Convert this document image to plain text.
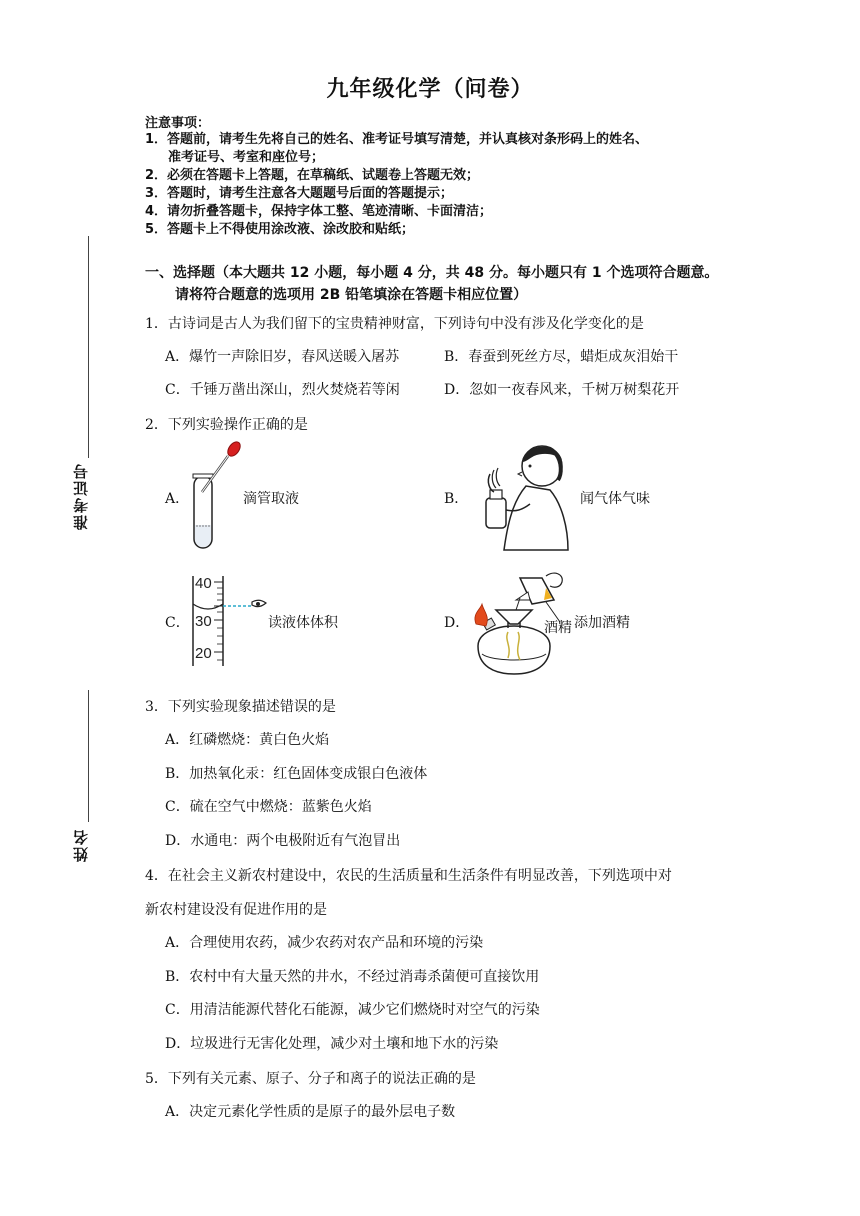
九年级化学（问卷）
注意事项：
1．答题前，请考生先将自己的姓名、准考证号填写清楚，并认真核对条形码上的姓名、
准考证号、考室和座位号；
2．必须在答题卡上答题，在草稿纸、试题卷上答题无效；
3．答题时，请考生注意各大题题号后面的答题提示；
4．请勿折叠答题卡，保持字体工整、笔迹清晰、卡面清洁；
5．答题卡上不得使用涂改液、涂改胶和贴纸；
准考证号
姓名
一、选择题（本大题共 12 小题，每小题 4 分，共 48 分。每小题只有 1 个选项符合题意。
请将符合题意的选项用 2B 铅笔填涂在答题卡相应位置）
1．古诗词是古人为我们留下的宝贵精神财富，下列诗句中没有涉及化学变化的是
A．爆竹一声除旧岁，春风送暖入屠苏	B．春蚕到死丝方尽，蜡炬成灰泪始干
C．千锤万凿出深山，烈火焚烧若等闲	D．忽如一夜春风来，千树万树梨花开
2．下列实验操作正确的是
A．	滴管取液	B．	闻气体气味
C．
40
30
20
读液体体积	D．	酒精 添加酒精
3．下列实验现象描述错误的是
A．红磷燃烧：黄白色火焰
B．加热氧化汞：红色固体变成银白色液体
C．硫在空气中燃烧：蓝紫色火焰
D．水通电：两个电极附近有气泡冒出
4．在社会主义新农村建设中，农民的生活质量和生活条件有明显改善，下列选项中对
新农村建设没有促进作用的是
A．合理使用农药，减少农药对农产品和环境的污染
B．农村中有大量天然的井水，不经过消毒杀菌便可直接饮用
C．用清洁能源代替化石能源，减少它们燃烧时对空气的污染
D．垃圾进行无害化处理，减少对土壤和地下水的污染
5．下列有关元素、原子、分子和离子的说法正确的是
A．决定元素化学性质的是原子的最外层电子数
